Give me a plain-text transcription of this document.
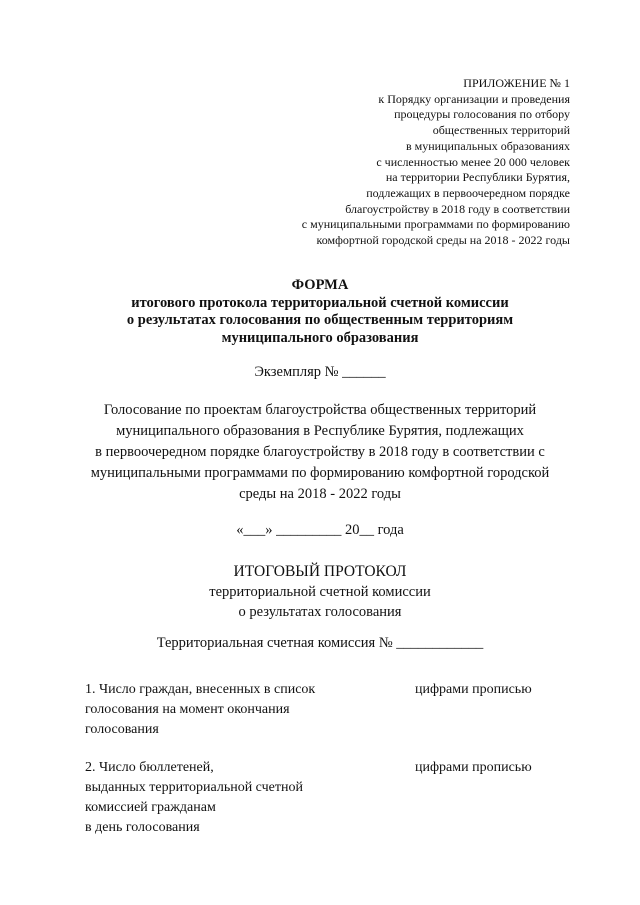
ПРИЛОЖЕНИЕ № 1
к Порядку организации и проведения
процедуры голосования по отбору
общественных территорий
в муниципальных образованиях
с численностью менее 20 000 человек
на территории Республики Бурятия,
подлежащих в первоочередном порядке
благоустройству в 2018 году в соответствии
с муниципальными программами по формированию
комфортной городской среды на 2018 - 2022 годы
ФОРМА
итогового протокола территориальной счетной комиссии
о результатах голосования по общественным территориям
муниципального образования
Экземпляр № ______
Голосование по проектам благоустройства общественных территорий
муниципального образования в Республике Бурятия, подлежащих
в первоочередном порядке благоустройству в 2018 году в соответствии с
муниципальными программами по формированию комфортной городской
среды на 2018 - 2022 годы
«___» _________ 20__ года
ИТОГОВЫЙ ПРОТОКОЛ
территориальной счетной комиссии
о результатах голосования
Территориальная счетная комиссия № ____________
1. Число граждан, внесенных в список
голосования на момент окончания
голосования
цифрами прописью
2. Число бюллетеней,
выданных территориальной счетной
комиссией гражданам
в день голосования
цифрами прописью
